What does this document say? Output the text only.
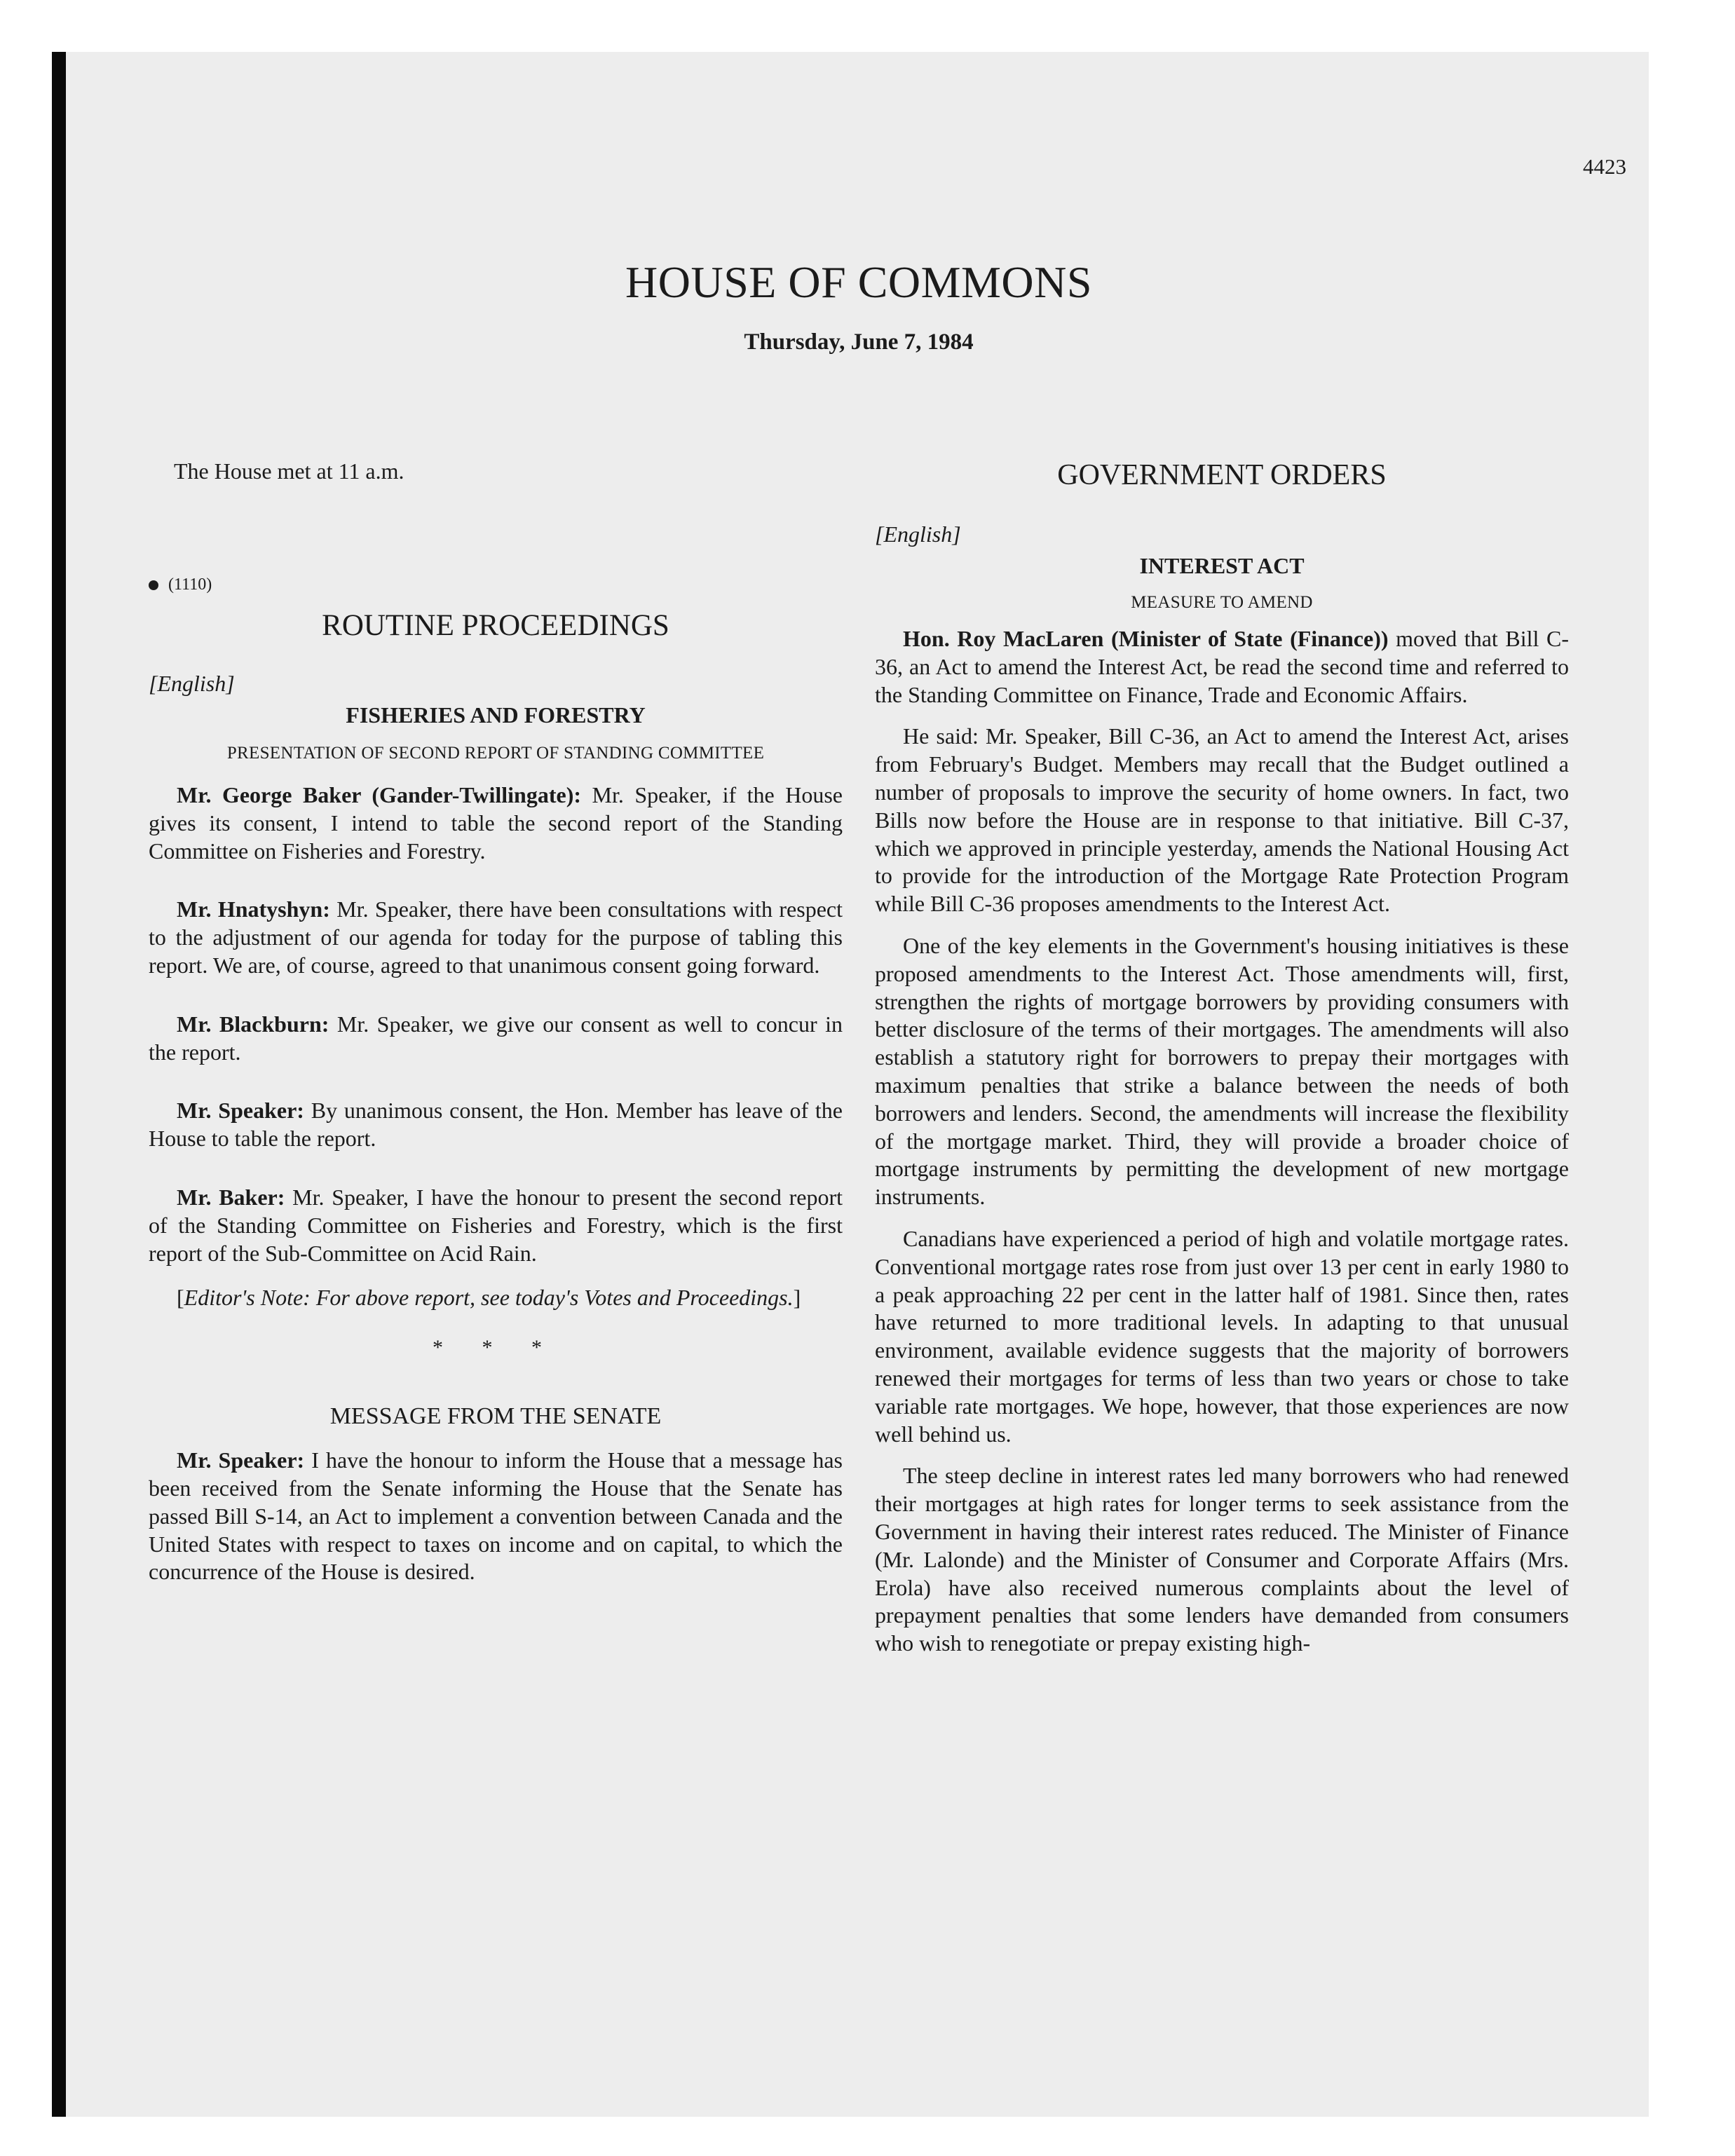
4423
HOUSE OF COMMONS
Thursday, June 7, 1984

The House met at 11 a.m.

(1110)

ROUTINE PROCEEDINGS

[English]

FISHERIES AND FORESTRY

PRESENTATION OF SECOND REPORT OF STANDING COMMITTEE

Mr. George Baker (Gander-Twillingate): Mr. Speaker, if the House gives its consent, I intend to table the second report of the Standing Committee on Fisheries and Forestry.

Mr. Hnatyshyn: Mr. Speaker, there have been consultations with respect to the adjustment of our agenda for today for the purpose of tabling this report. We are, of course, agreed to that unanimous consent going forward.

Mr. Blackburn: Mr. Speaker, we give our consent as well to concur in the report.

Mr. Speaker: By unanimous consent, the Hon. Member has leave of the House to table the report.

Mr. Baker: Mr. Speaker, I have the honour to present the second report of the Standing Committee on Fisheries and Forestry, which is the first report of the Sub-Committee on Acid Rain.

[Editor's Note: For above report, see today's Votes and Proceedings.]

* * *

MESSAGE FROM THE SENATE

Mr. Speaker: I have the honour to inform the House that a message has been received from the Senate informing the House that the Senate has passed Bill S-14, an Act to implement a convention between Canada and the United States with respect to taxes on income and on capital, to which the concurrence of the House is desired.

GOVERNMENT ORDERS

[English]

INTEREST ACT

MEASURE TO AMEND

Hon. Roy MacLaren (Minister of State (Finance)) moved that Bill C-36, an Act to amend the Interest Act, be read the second time and referred to the Standing Committee on Finance, Trade and Economic Affairs.

He said: Mr. Speaker, Bill C-36, an Act to amend the Interest Act, arises from February's Budget. Members may recall that the Budget outlined a number of proposals to improve the security of home owners. In fact, two Bills now before the House are in response to that initiative. Bill C-37, which we approved in principle yesterday, amends the National Housing Act to provide for the introduction of the Mortgage Rate Protection Program while Bill C-36 proposes amendments to the Interest Act.

One of the key elements in the Government's housing initiatives is these proposed amendments to the Interest Act. Those amendments will, first, strengthen the rights of mortgage borrowers by providing consumers with better disclosure of the terms of their mortgages. The amendments will also establish a statutory right for borrowers to prepay their mortgages with maximum penalties that strike a balance between the needs of both borrowers and lenders. Second, the amendments will increase the flexibility of the mortgage market. Third, they will provide a broader choice of mortgage instruments by permitting the development of new mortgage instruments.

Canadians have experienced a period of high and volatile mortgage rates. Conventional mortgage rates rose from just over 13 per cent in early 1980 to a peak approaching 22 per cent in the latter half of 1981. Since then, rates have returned to more traditional levels. In adapting to that unusual environment, available evidence suggests that the majority of borrowers renewed their mortgages for terms of less than two years or chose to take variable rate mortgages. We hope, however, that those experiences are now well behind us.

The steep decline in interest rates led many borrowers who had renewed their mortgages at high rates for longer terms to seek assistance from the Government in having their interest rates reduced. The Minister of Finance (Mr. Lalonde) and the Minister of Consumer and Corporate Affairs (Mrs. Erola) have also received numerous complaints about the level of prepayment penalties that some lenders have demanded from consumers who wish to renegotiate or prepay existing high-
